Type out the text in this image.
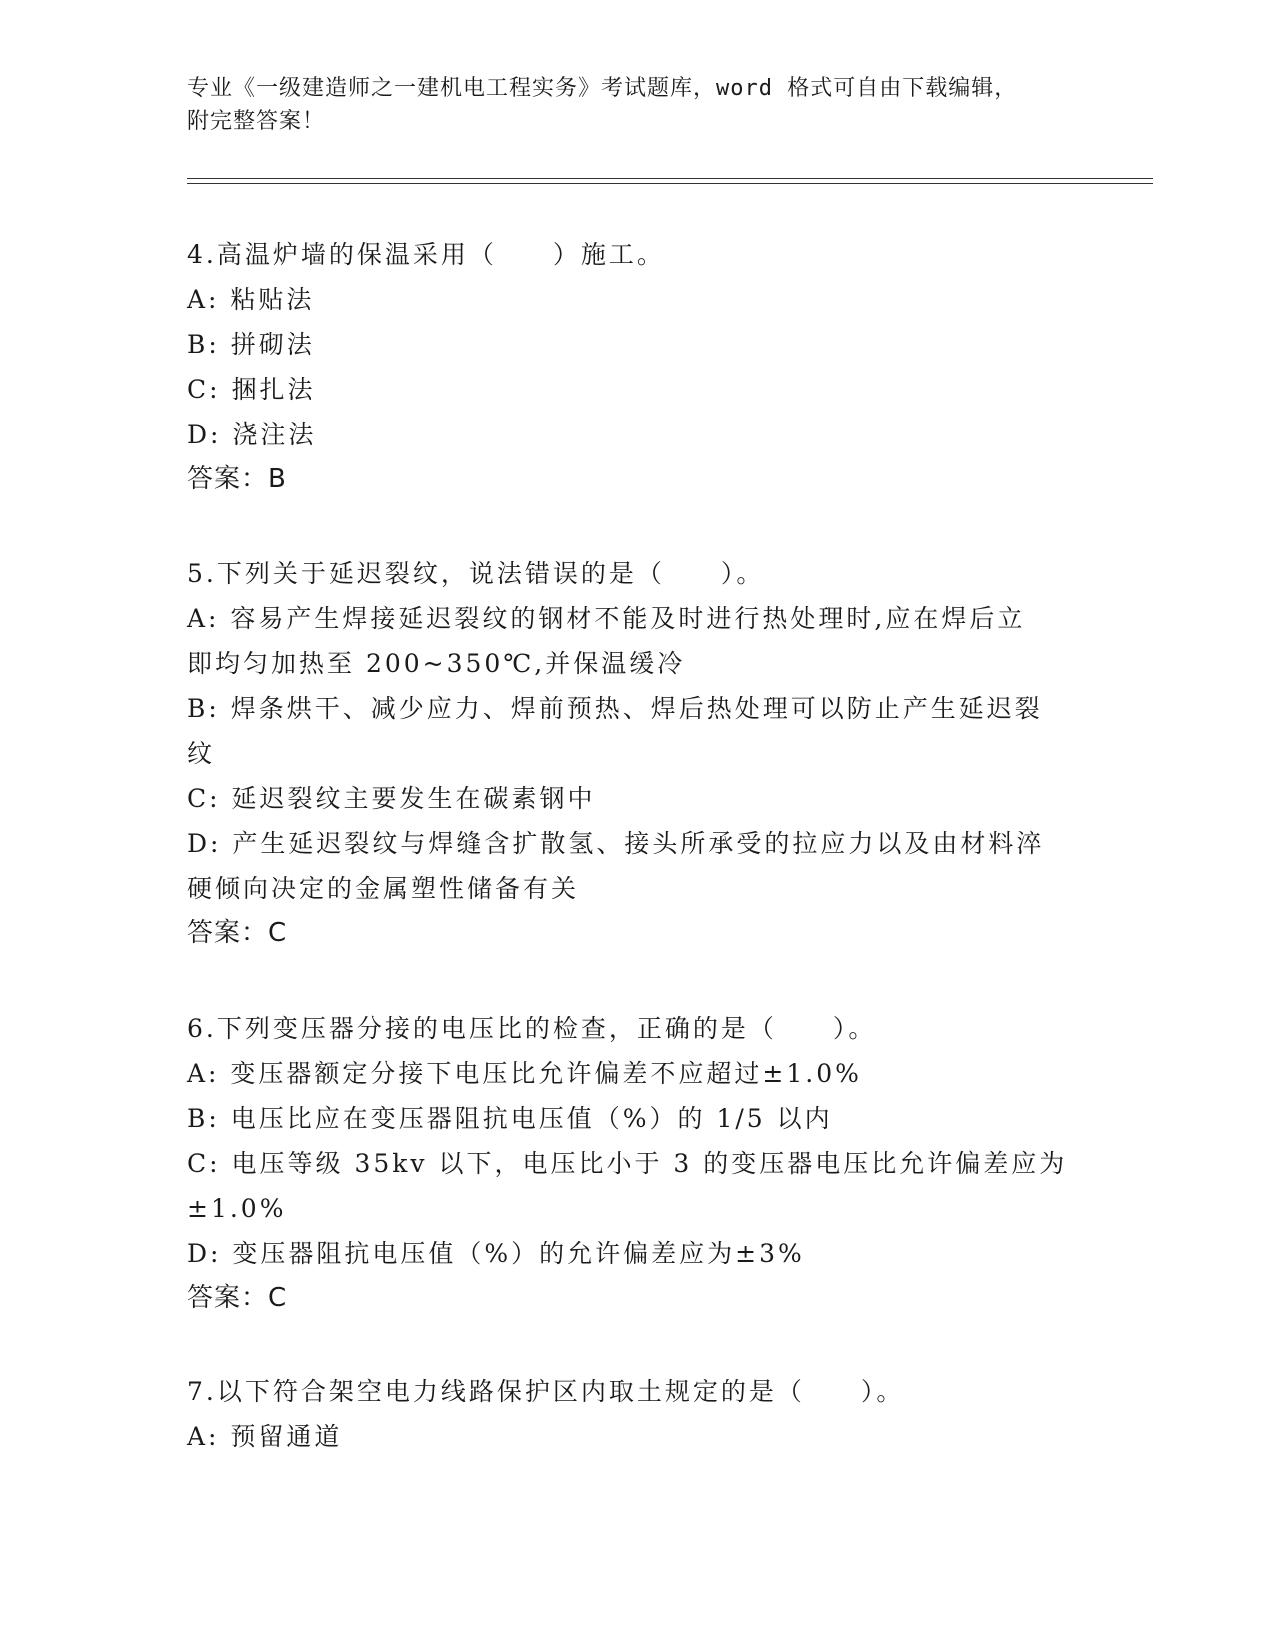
专业《一级建造师之一建机电工程实务》考试题库，word 格式可自由下载编辑，
附完整答案！
4.高温炉墙的保温采用（　　）施工。
A: 粘贴法
B: 拼砌法
C: 捆扎法
D: 浇注法
答案：B
5.下列关于延迟裂纹，说法错误的是（　　）。
A: 容易产生焊接延迟裂纹的钢材不能及时进行热处理时,应在焊后立
即均匀加热至 200~350℃,并保温缓冷
B: 焊条烘干、减少应力、焊前预热、焊后热处理可以防止产生延迟裂
纹
C: 延迟裂纹主要发生在碳素钢中
D: 产生延迟裂纹与焊缝含扩散氢、接头所承受的拉应力以及由材料淬
硬倾向决定的金属塑性储备有关
答案：C
6.下列变压器分接的电压比的检查，正确的是（　　）。
A: 变压器额定分接下电压比允许偏差不应超过±1.0%
B: 电压比应在变压器阻抗电压值（%）的 1/5 以内
C: 电压等级 35kv 以下，电压比小于 3 的变压器电压比允许偏差应为
±1.0%
D: 变压器阻抗电压值（%）的允许偏差应为±3%
答案：C
7.以下符合架空电力线路保护区内取土规定的是（　　）。
A: 预留通道
